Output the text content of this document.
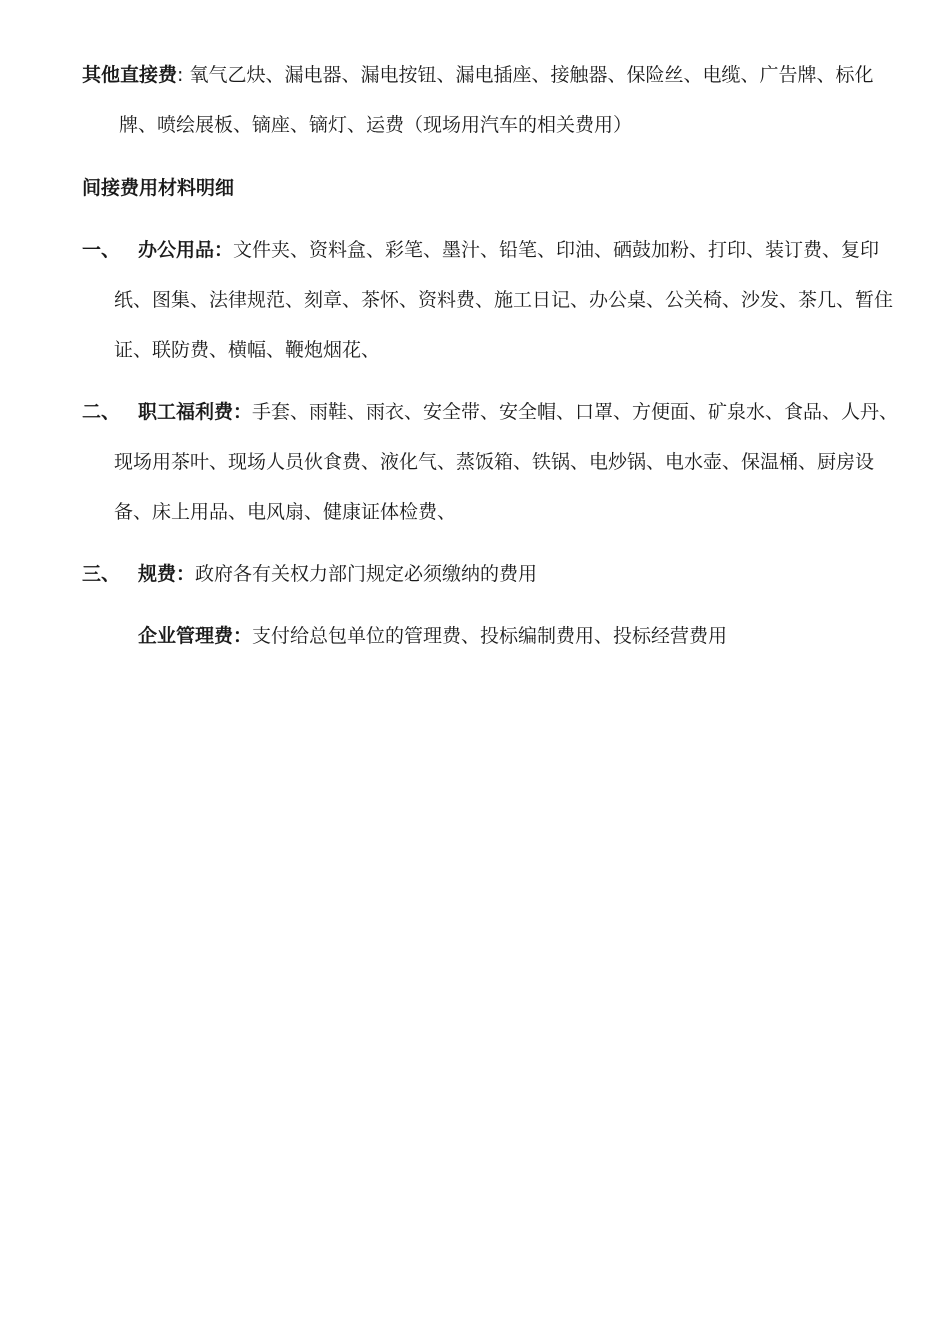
其他直接费: 氧气乙炔、漏电器、漏电按钮、漏电插座、接触器、保险丝、电缆、广告牌、标化牌、喷绘展板、镝座、镝灯、运费（现场用汽车的相关费用）

间接费用材料明细

一、 办公用品：文件夹、资料盒、彩笔、墨汁、铅笔、印油、硒鼓加粉、打印、装订费、复印纸、图集、法律规范、刻章、茶怀、资料费、施工日记、办公桌、公关椅、沙发、茶几、暂住证、联防费、横幅、鞭炮烟花、

二、 职工福利费：手套、雨鞋、雨衣、安全带、安全帽、口罩、方便面、矿泉水、食品、人丹、现场用茶叶、现场人员伙食费、液化气、蒸饭箱、铁锅、电炒锅、电水壶、保温桶、厨房设备、床上用品、电风扇、健康证体检费、

三、 规费：政府各有关权力部门规定必须缴纳的费用

企业管理费：支付给总包单位的管理费、投标编制费用、投标经营费用
